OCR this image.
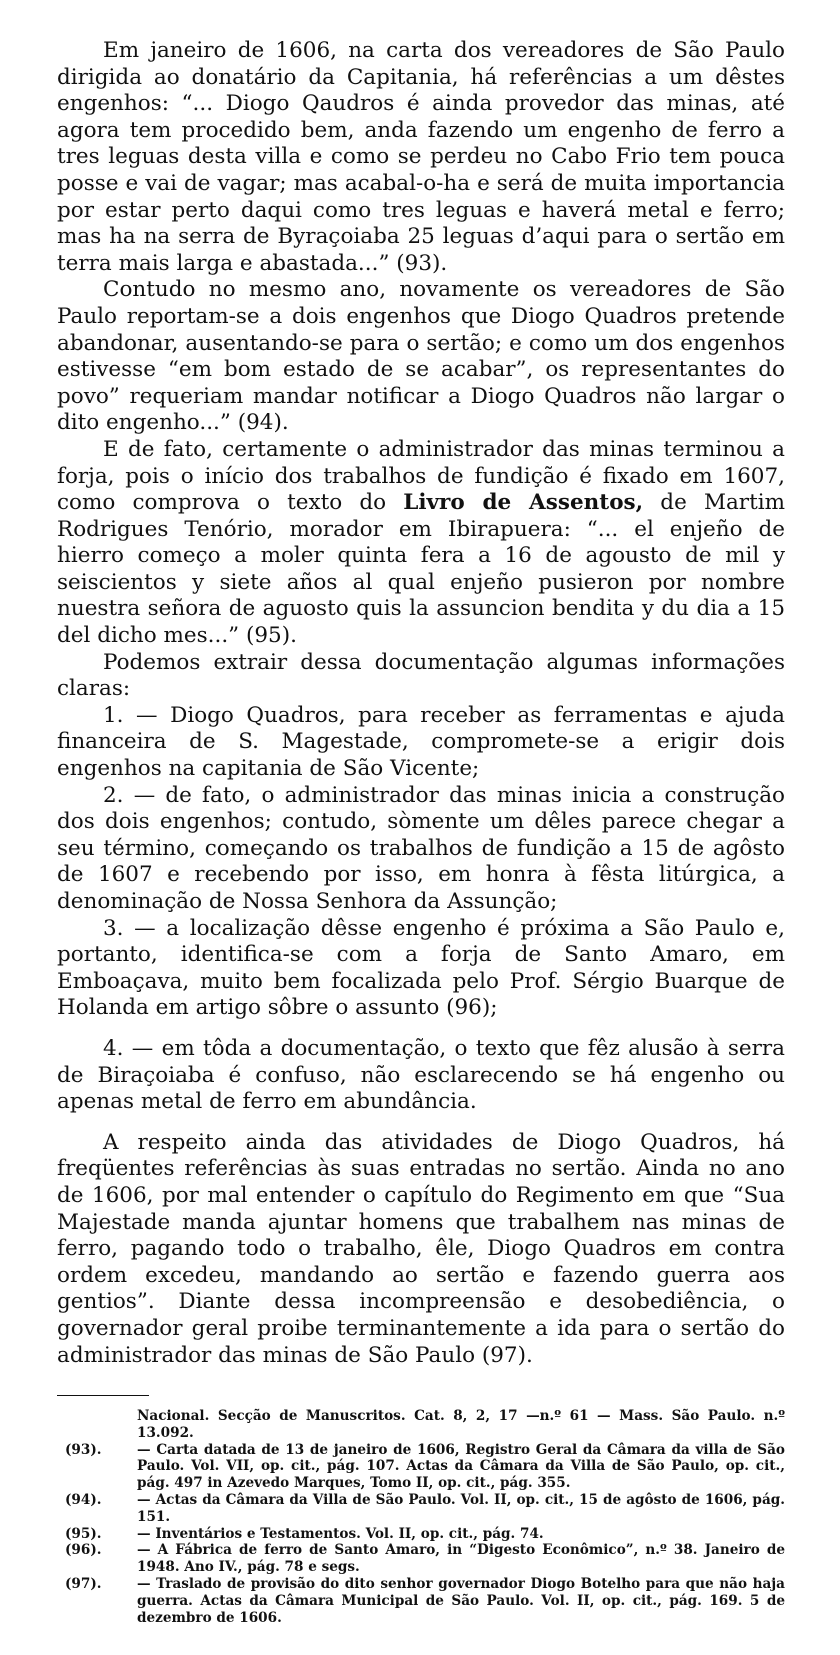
Em janeiro de 1606, na carta dos vereadores de São Paulo dirigida ao donatário da Capitania, há referências a um dêstes engenhos: “... Diogo Qaudros é ainda provedor das minas, até agora tem procedido bem, anda fazendo um engenho de ferro a tres leguas desta villa e como se perdeu no Cabo Frio tem pouca posse e vai de vagar; mas acabal-o-ha e será de muita importancia por estar perto daqui como tres leguas e haverá metal e ferro; mas ha na serra de Byraçoiaba 25 leguas d’aqui para o sertão em terra mais larga e abastada...” (93).

Contudo no mesmo ano, novamente os vereadores de São Paulo reportam-se a dois engenhos que Diogo Quadros pretende abandonar, ausentando-se para o sertão; e como um dos engenhos estivesse “em bom estado de se acabar”, os representantes do povo” requeriam mandar notificar a Diogo Quadros não largar o dito engenho...” (94).

E de fato, certamente o administrador das minas terminou a forja, pois o início dos trabalhos de fundição é fixado em 1607, como comprova o texto do Livro de Assentos, de Martim Rodrigues Tenório, morador em Ibirapuera: “... el enjeño de hierro começo a moler quinta fera a 16 de agousto de mil y seiscientos y siete años al qual enjeño pusieron por nombre nuestra señora de aguosto quis la assuncion bendita y du dia a 15 del dicho mes...” (95).

Podemos extrair dessa documentação algumas informações claras:

1. — Diogo Quadros, para receber as ferramentas e ajuda financeira de S. Magestade, compromete-se a erigir dois engenhos na capitania de São Vicente;

2. — de fato, o administrador das minas inicia a construção dos dois engenhos; contudo, sòmente um dêles parece chegar a seu término, começando os trabalhos de fundição a 15 de agôsto de 1607 e recebendo por isso, em honra à fêsta litúrgica, a denominação de Nossa Senhora da Assunção;

3. — a localização dêsse engenho é próxima a São Paulo e, portanto, identifica-se com a forja de Santo Amaro, em Emboaçava, muito bem focalizada pelo Prof. Sérgio Buarque de Holanda em artigo sôbre o assunto (96);

4. — em tôda a documentação, o texto que fêz alusão à serra de Biraçoiaba é confuso, não esclarecendo se há engenho ou apenas metal de ferro em abundância.

A respeito ainda das atividades de Diogo Quadros, há freqüentes referências às suas entradas no sertão. Ainda no ano de 1606, por mal entender o capítulo do Regimento em que “Sua Majestade manda ajuntar homens que trabalhem nas minas de ferro, pagando todo o trabalho, êle, Diogo Quadros em contra ordem excedeu, mandando ao sertão e fazendo guerra aos gentios”. Diante dessa incompreensão e desobediência, o governador geral proibe terminantemente a ida para o sertão do administrador das minas de São Paulo (97).

Nacional. Secção de Manuscritos. Cat. 8, 2, 17 —n.º 61 — Mass. São Paulo. n.º 13.092.
(93).	— Carta datada de 13 de janeiro de 1606, Registro Geral da Câmara da villa de São Paulo. Vol. VII, op. cit., pág. 107. Actas da Câmara da Villa de São Paulo, op. cit., pág. 497 in Azevedo Marques, Tomo II, op. cit., pág. 355.
(94).	— Actas da Câmara da Villa de São Paulo. Vol. II, op. cit., 15 de agôsto de 1606, pág. 151.
(95).	— Inventários e Testamentos. Vol. II, op. cit., pág. 74.
(96).	— A Fábrica de ferro de Santo Amaro, in “Digesto Econômico”, n.º 38. Janeiro de 1948. Ano IV., pág. 78 e segs.
(97).	— Traslado de provisão do dito senhor governador Diogo Botelho para que não haja guerra. Actas da Câmara Municipal de São Paulo. Vol. II, op. cit., pág. 169. 5 de dezembro de 1606.
